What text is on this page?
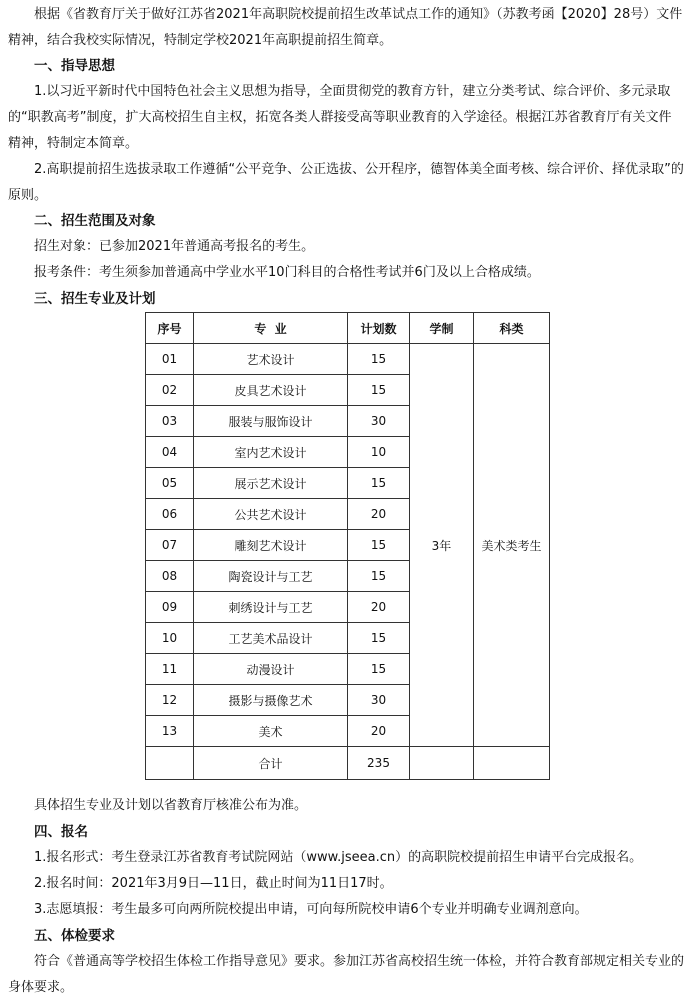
根据《省教育厅关于做好江苏省2021年高职院校提前招生改革试点工作的通知》（苏教考函【2020】28号）文件精神，结合我校实际情况，特制定学校2021年高职提前招生简章。

一、指导思想

1.以习近平新时代中国特色社会主义思想为指导，全面贯彻党的教育方针，建立分类考试、综合评价、多元录取的“职教高考”制度，扩大高校招生自主权，拓宽各类人群接受高等职业教育的入学途径。根据江苏省教育厅有关文件精神，特制定本简章。

2.高职提前招生选拔录取工作遵循“公平竞争、公正选拔、公开程序，德智体美全面考核、综合评价、择优录取”的原则。

二、招生范围及对象

招生对象：已参加2021年普通高考报名的考生。

报考条件：考生须参加普通高中学业水平10门科目的合格性考试并6门及以上合格成绩。

三、招生专业及计划

序号	专  业	计划数	学制	科类
01	艺术设计	15	3年	美术类考生
02	皮具艺术设计	15		
03	服装与服饰设计	30		
04	室内艺术设计	10		
05	展示艺术设计	15		
06	公共艺术设计	20		
07	雕刻艺术设计	15		
08	陶瓷设计与工艺	15		
09	刺绣设计与工艺	20		
10	工艺美术品设计	15		
11	动漫设计	15		
12	摄影与摄像艺术	30		
13	美术	20		
	合计	235		

具体招生专业及计划以省教育厅核准公布为准。

四、报名

1.报名形式：考生登录江苏省教育考试院网站（www.jseea.cn）的高职院校提前招生申请平台完成报名。

2.报名时间：2021年3月9日—11日，截止时间为11日17时。

3.志愿填报：考生最多可向两所院校提出申请，可向每所院校申请6个专业并明确专业调剂意向。

五、体检要求

符合《普通高等学校招生体检工作指导意见》要求。参加江苏省高校招生统一体检，并符合教育部规定相关专业的身体要求。
